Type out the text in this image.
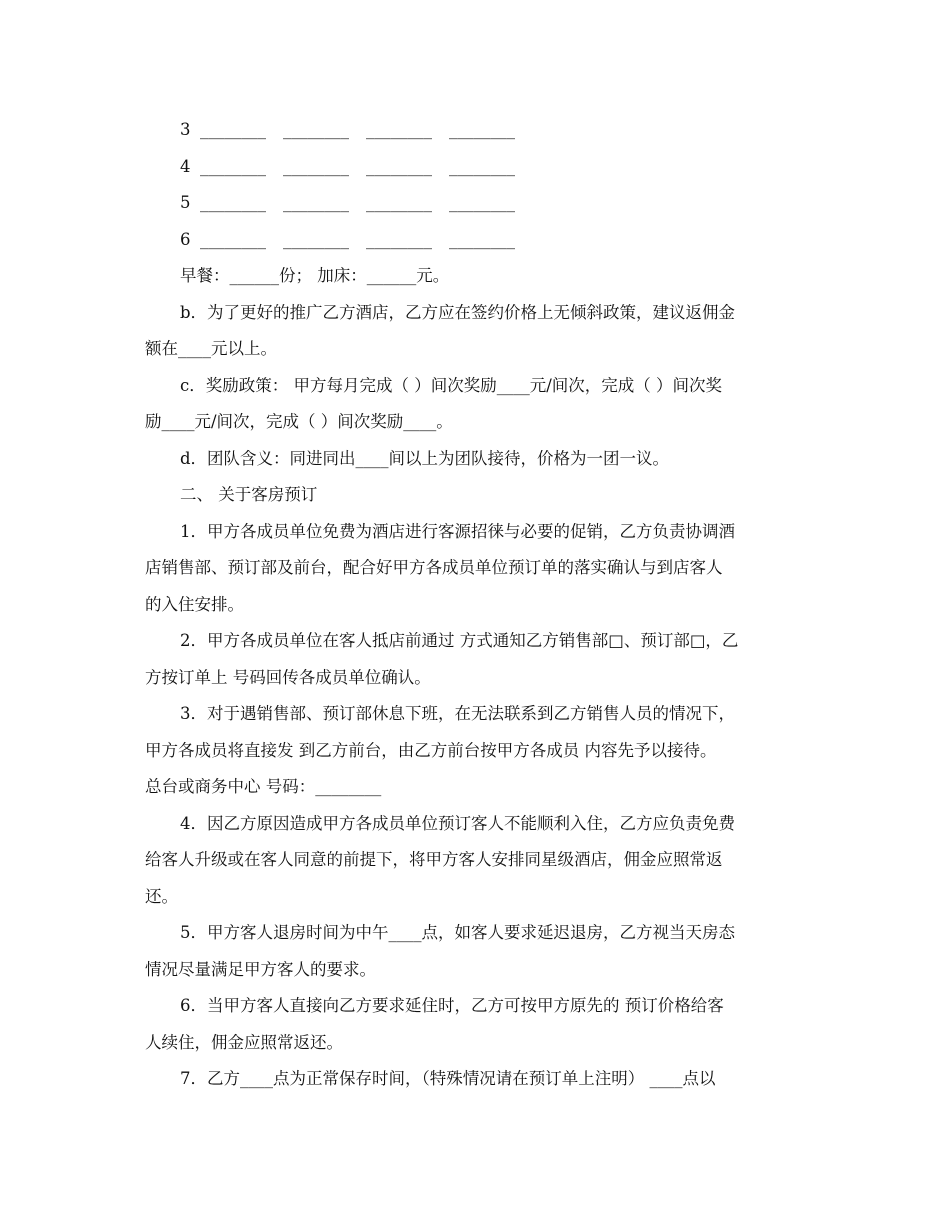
3 ________ ________ ________ ________
4 ________ ________ ________ ________
5 ________ ________ ________ ________
6 ________ ________ ________ ________
早餐：______份； 加床：______元。
b．为了更好的推广乙方酒店，乙方应在签约价格上无倾斜政策，建议返佣金
额在____元以上。
c．奖励政策： 甲方每月完成（ ）间次奖励____元/间次，完成（ ）间次奖
励____元/间次，完成（ ）间次奖励____。
d．团队含义：同进同出____间以上为团队接待，价格为一团一议。
二、 关于客房预订
1．甲方各成员单位免费为酒店进行客源招徕与必要的促销，乙方负责协调酒
店销售部、预订部及前台，配合好甲方各成员单位预订单的落实确认与到店客人
的入住安排。
2．甲方各成员单位在客人抵店前通过 方式通知乙方销售部□、预订部□，乙
方按订单上 号码回传各成员单位确认。
3．对于遇销售部、预订部休息下班，在无法联系到乙方销售人员的情况下，
甲方各成员将直接发 到乙方前台，由乙方前台按甲方各成员 内容先予以接待。
总台或商务中心 号码：________
4．因乙方原因造成甲方各成员单位预订客人不能顺利入住，乙方应负责免费
给客人升级或在客人同意的前提下，将甲方客人安排同星级酒店，佣金应照常返
还。
5．甲方客人退房时间为中午____点，如客人要求延迟退房，乙方视当天房态
情况尽量满足甲方客人的要求。
6．当甲方客人直接向乙方要求延住时，乙方可按甲方原先的 预订价格给客
人续住，佣金应照常返还。
7．乙方____点为正常保存时间，（特殊情况请在预订单上注明） ____点以
